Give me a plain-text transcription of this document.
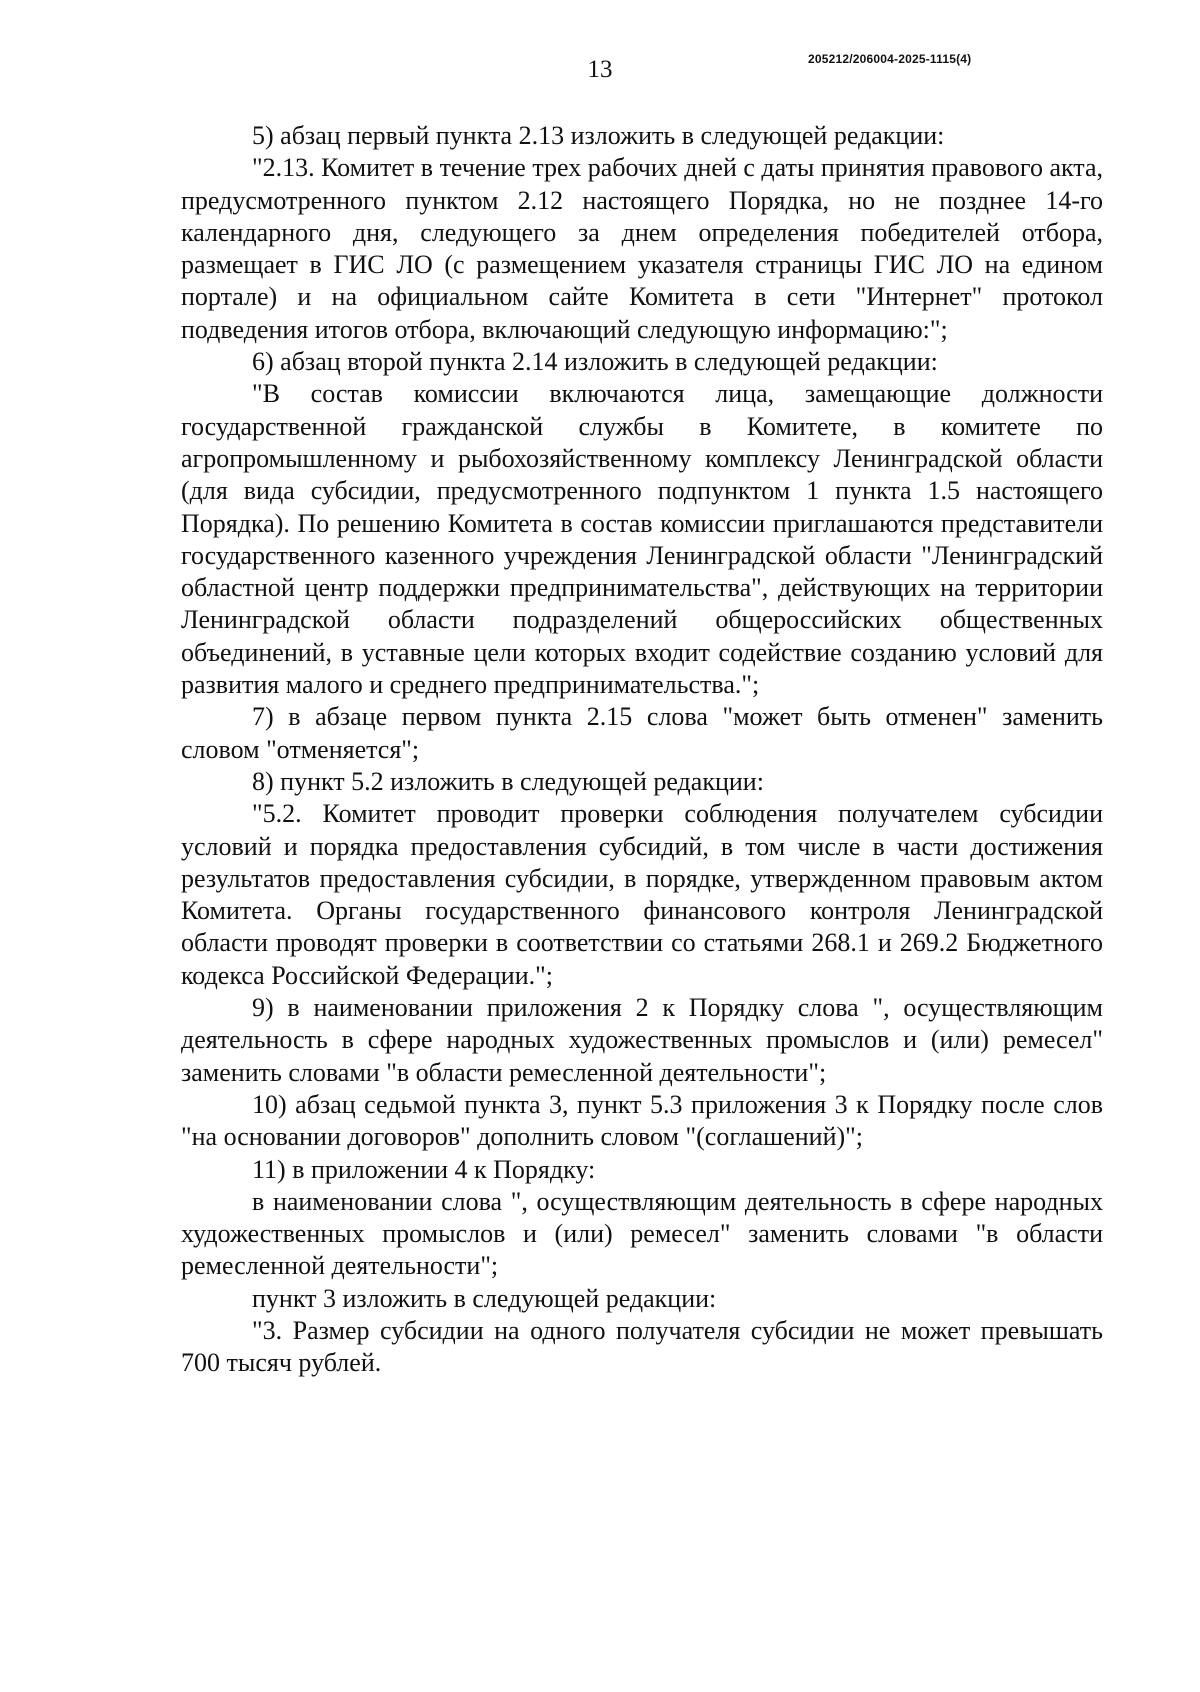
13	205212/206004-2025-1115(4)

5) абзац первый пункта 2.13 изложить в следующей редакции:

"2.13. Комитет в течение трех рабочих дней с даты принятия правового акта, предусмотренного пунктом 2.12 настоящего Порядка, но не позднее 14-го календарного дня, следующего за днем определения победителей отбора, размещает в ГИС ЛО (с размещением указателя страницы ГИС ЛО на едином портале) и на официальном сайте Комитета в сети "Интернет" протокол подведения итогов отбора, включающий следующую информацию:";

6) абзац второй пункта 2.14 изложить в следующей редакции:

"В состав комиссии включаются лица, замещающие должности государственной гражданской службы в Комитете, в комитете по агропромышленному и рыбохозяйственному комплексу Ленинградской области (для вида субсидии, предусмотренного подпунктом 1 пункта 1.5 настоящего Порядка). По решению Комитета в состав комиссии приглашаются представители государственного казенного учреждения Ленинградской области "Ленинградский областной центр поддержки предпринимательства", действующих на территории Ленинградской области подразделений общероссийских общественных объединений, в уставные цели которых входит содействие созданию условий для развития малого и среднего предпринимательства.";

7) в абзаце первом пункта 2.15 слова "может быть отменен" заменить словом "отменяется";

8) пункт 5.2 изложить в следующей редакции:

"5.2. Комитет проводит проверки соблюдения получателем субсидии условий и порядка предоставления субсидий, в том числе в части достижения результатов предоставления субсидии, в порядке, утвержденном правовым актом Комитета. Органы государственного финансового контроля Ленинградской области проводят проверки в соответствии со статьями 268.1 и 269.2 Бюджетного кодекса Российской Федерации.";

9) в наименовании приложения 2 к Порядку слова ", осуществляющим деятельность в сфере народных художественных промыслов и (или) ремесел" заменить словами "в области ремесленной деятельности";

10) абзац седьмой пункта 3, пункт 5.3 приложения 3 к Порядку после слов "на основании договоров" дополнить словом "(соглашений)";

11) в приложении 4 к Порядку:

в наименовании слова ", осуществляющим деятельность в сфере народных художественных промыслов и (или) ремесел" заменить словами "в области ремесленной деятельности";

пункт 3 изложить в следующей редакции:

"3. Размер субсидии на одного получателя субсидии не может превышать 700 тысяч рублей.
